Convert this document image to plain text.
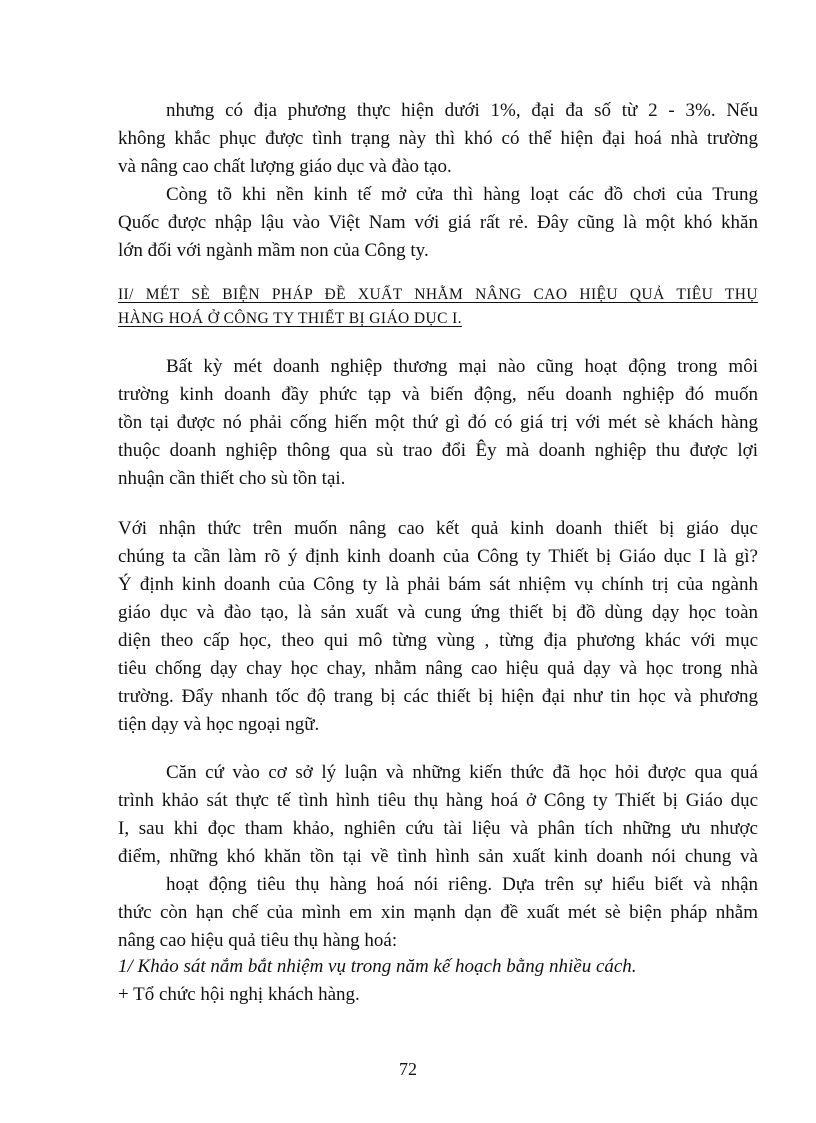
nhưng có địa phương thực hiện dưới 1%, đại đa số từ 2 - 3%. Nếu
không khắc phục được tình trạng này thì khó có thể hiện đại hoá nhà trường
và nâng cao chất lượng giáo dục và đào tạo.
Còng tõ khi nền kinh tế mở cửa thì hàng loạt các đồ chơi của Trung
Quốc được nhập lậu vào Việt Nam với giá rất rẻ. Đây cũng là một khó khăn
lớn đối với ngành mầm non của Công ty.
II/ MÉT SÈ BIỆN PHÁP ĐỀ XUẤT NHẰM NÂNG CAO HIỆU QUẢ TIÊU THỤ
HÀNG HOÁ Ở CÔNG TY THIẾT BỊ GIÁO DỤC I.
Bất kỳ mét doanh nghiệp thương mại nào cũng hoạt động trong môi
trường kinh doanh đầy phức tạp và biến động, nếu doanh nghiệp đó muốn
tồn tại được nó phải cống hiến một thứ gì đó có giá trị với mét sè khách hàng
thuộc doanh nghiệp thông qua sù trao đổi Êy mà doanh nghiệp thu được lợi
nhuận cần thiết cho sù tồn tại.
Với nhận thức trên muốn nâng cao kết quả kinh doanh thiết bị giáo dục
chúng ta cần làm rõ ý định kinh doanh của Công ty Thiết bị Giáo dục I là gì?
Ý định kinh doanh của Công ty là phải bám sát nhiệm vụ chính trị của ngành
giáo dục và đào tạo, là sản xuất và cung ứng thiết bị đồ dùng dạy học toàn
diện theo cấp học, theo qui mô từng vùng , từng địa phương khác với mục
tiêu chống dạy chay học chay, nhằm nâng cao hiệu quả dạy và học trong nhà
trường. Đẩy nhanh tốc độ trang bị các thiết bị hiện đại như tin học và phương
tiện dạy và học ngoại ngữ.
Căn cứ vào cơ sở lý luận và những kiến thức đã học hỏi được qua quá
trình khảo sát thực tế tình hình tiêu thụ hàng hoá ở Công ty Thiết bị Giáo dục
I, sau khi đọc tham khảo, nghiên cứu tài liệu và phân tích những ưu nhược
điểm, những khó khăn tồn tại về tình hình sản xuất kinh doanh nói chung và
hoạt động tiêu thụ hàng hoá nói riêng. Dựa trên sự hiểu biết và nhận
thức còn hạn chế của mình em xin mạnh dạn đề xuất mét sè biện pháp nhằm
nâng cao hiệu quả tiêu thụ hàng hoá:
1/ Khảo sát nắm bắt nhiệm vụ trong năm kế hoạch bằng nhiều cách.
+ Tổ chức hội nghị khách hàng.
72
